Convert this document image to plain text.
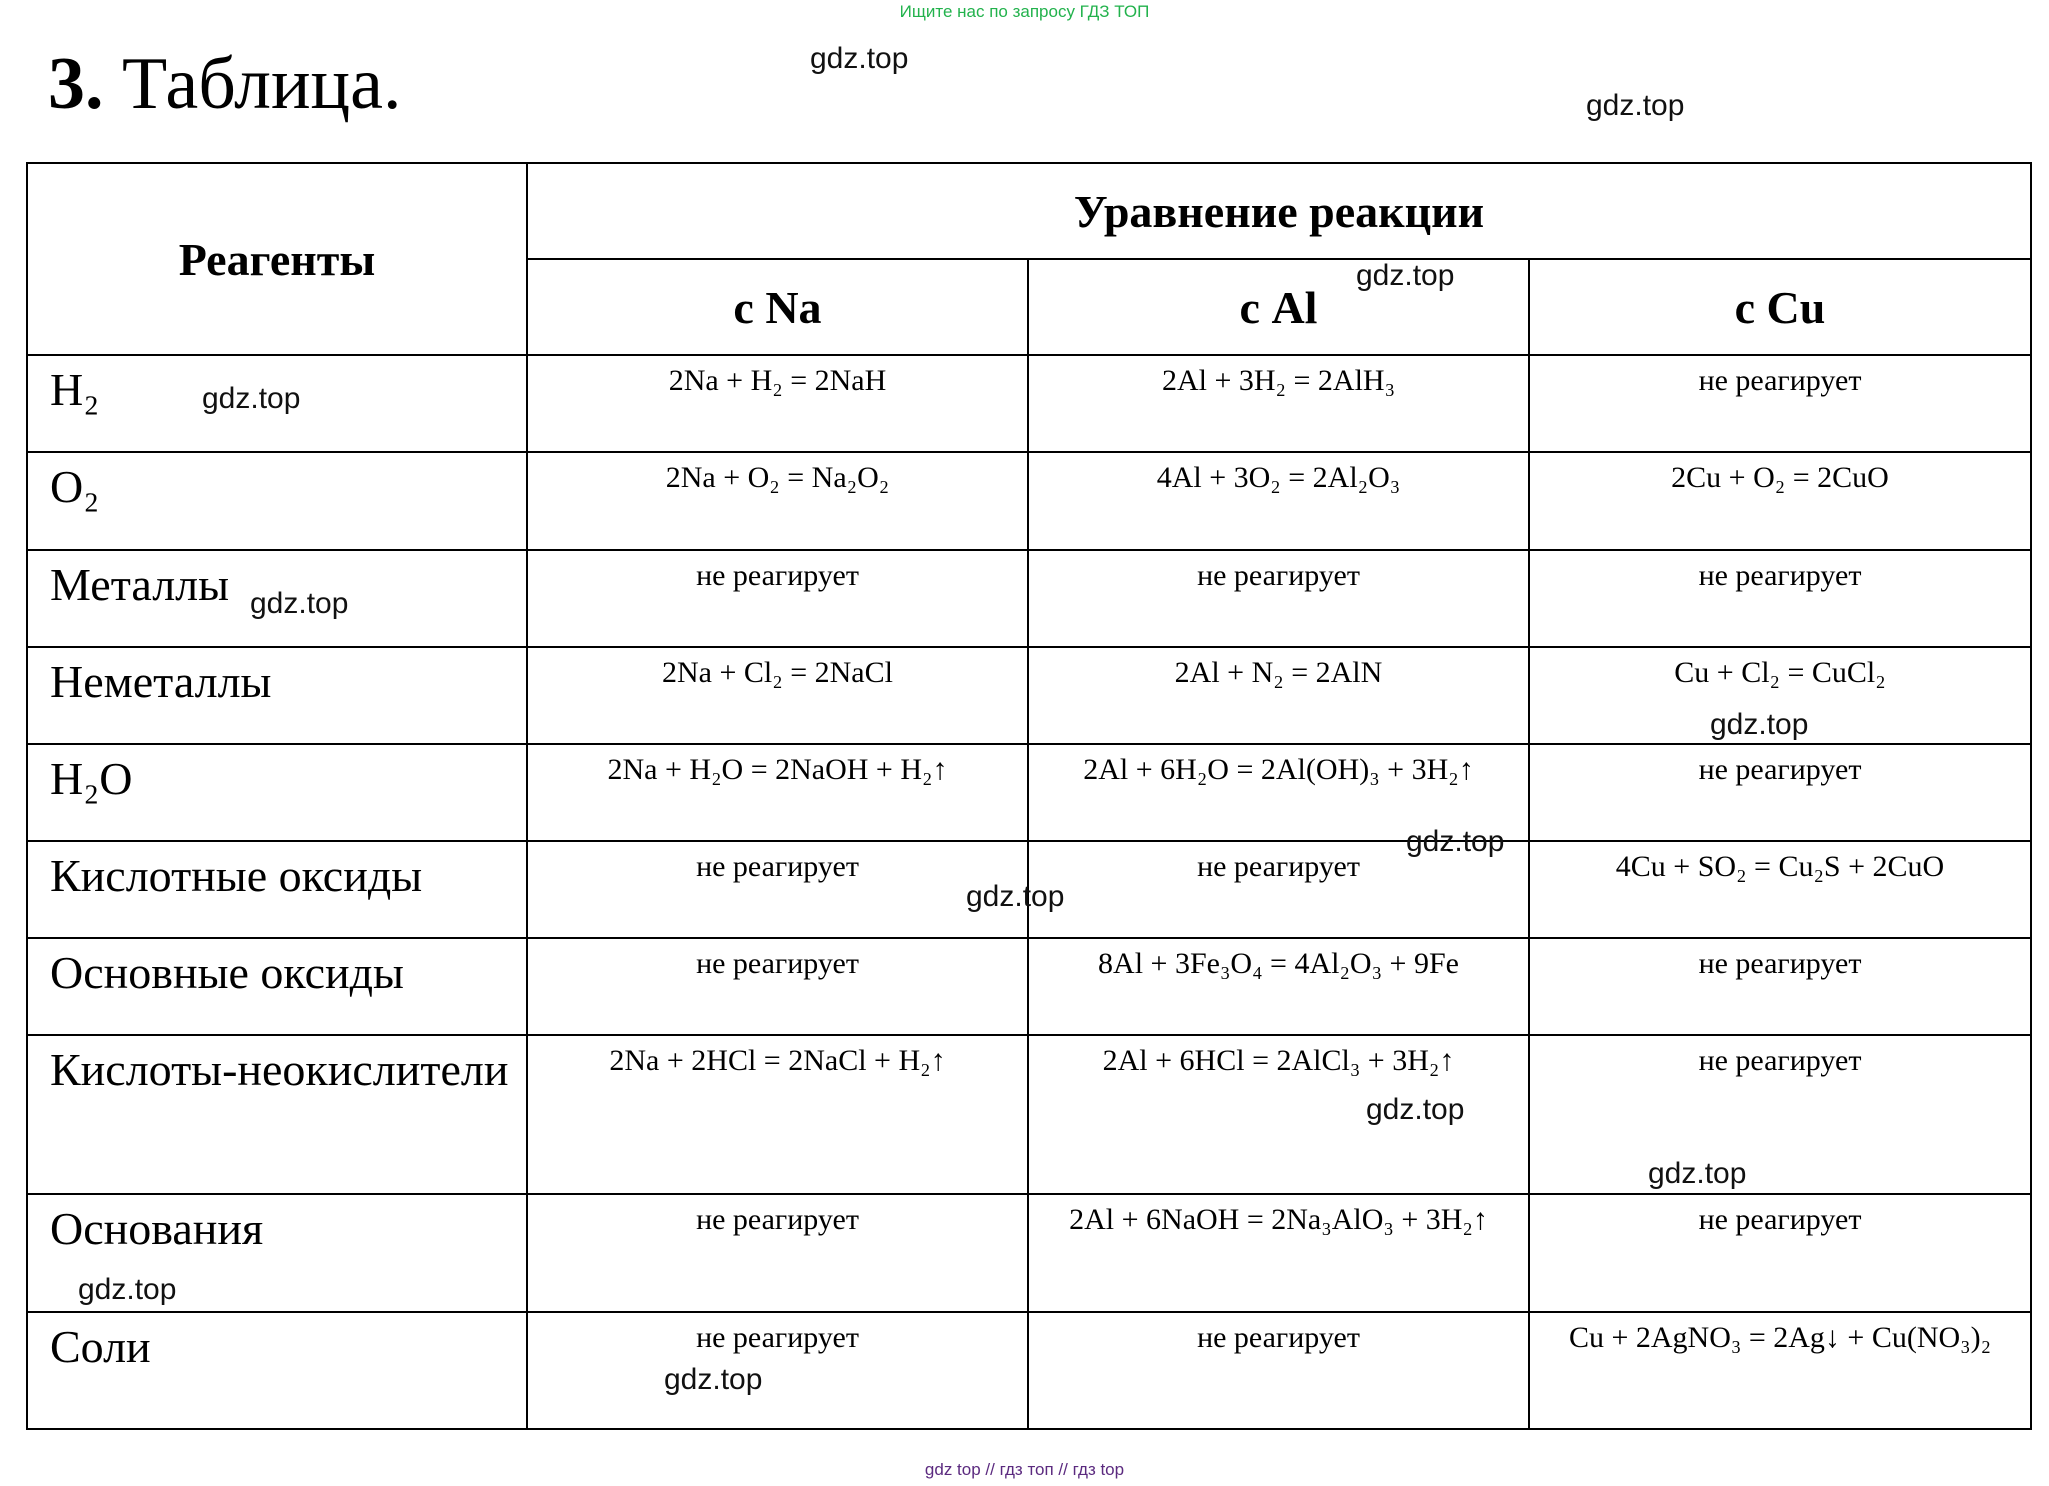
Ищите нас по запросу ГДЗ ТОП
3. Таблица.
Реагенты	Уравнение реакции		
	с Na	с Al	с Cu
H₂	2Na + H₂ = 2NaH	2Al + 3H₂ = 2AlH₃	не реагирует
O₂	2Na + O₂ = Na₂O₂	4Al + 3O₂ = 2Al₂O₃	2Cu + O₂ = 2CuO
Металлы	не реагирует	не реагирует	не реагирует
Неметаллы	2Na + Cl₂ = 2NaCl	2Al + N₂ = 2AlN	Cu + Cl₂ = CuCl₂
H₂O	2Na + H₂O = 2NaOH + H₂↑	2Al + 6H₂O = 2Al(OH)₃ + 3H₂↑	не реагирует
Кислотные оксиды	не реагирует	не реагирует	4Cu + SO₂ = Cu₂S + 2CuO
Основные оксиды	не реагирует	8Al + 3Fe₃O₄ = 4Al₂O₃ + 9Fe	не реагирует
Кислоты-неокислители	2Na + 2HCl = 2NaCl + H₂↑	2Al + 6HCl = 2AlCl₃ + 3H₂↑	не реагирует
Основания	не реагирует	2Al + 6NaOH = 2Na₃AlO₃ + 3H₂↑	не реагирует
Соли	не реагирует	не реагирует	Cu + 2AgNO₃ = 2Ag↓ + Cu(NO₃)₂
gdz.top
gdz.top
gdz.top
gdz.top
gdz.top
gdz.top
gdz.top
gdz.top
gdz.top
gdz.top
gdz.top
gdz.top
gdz top // гдз топ // гдз top
